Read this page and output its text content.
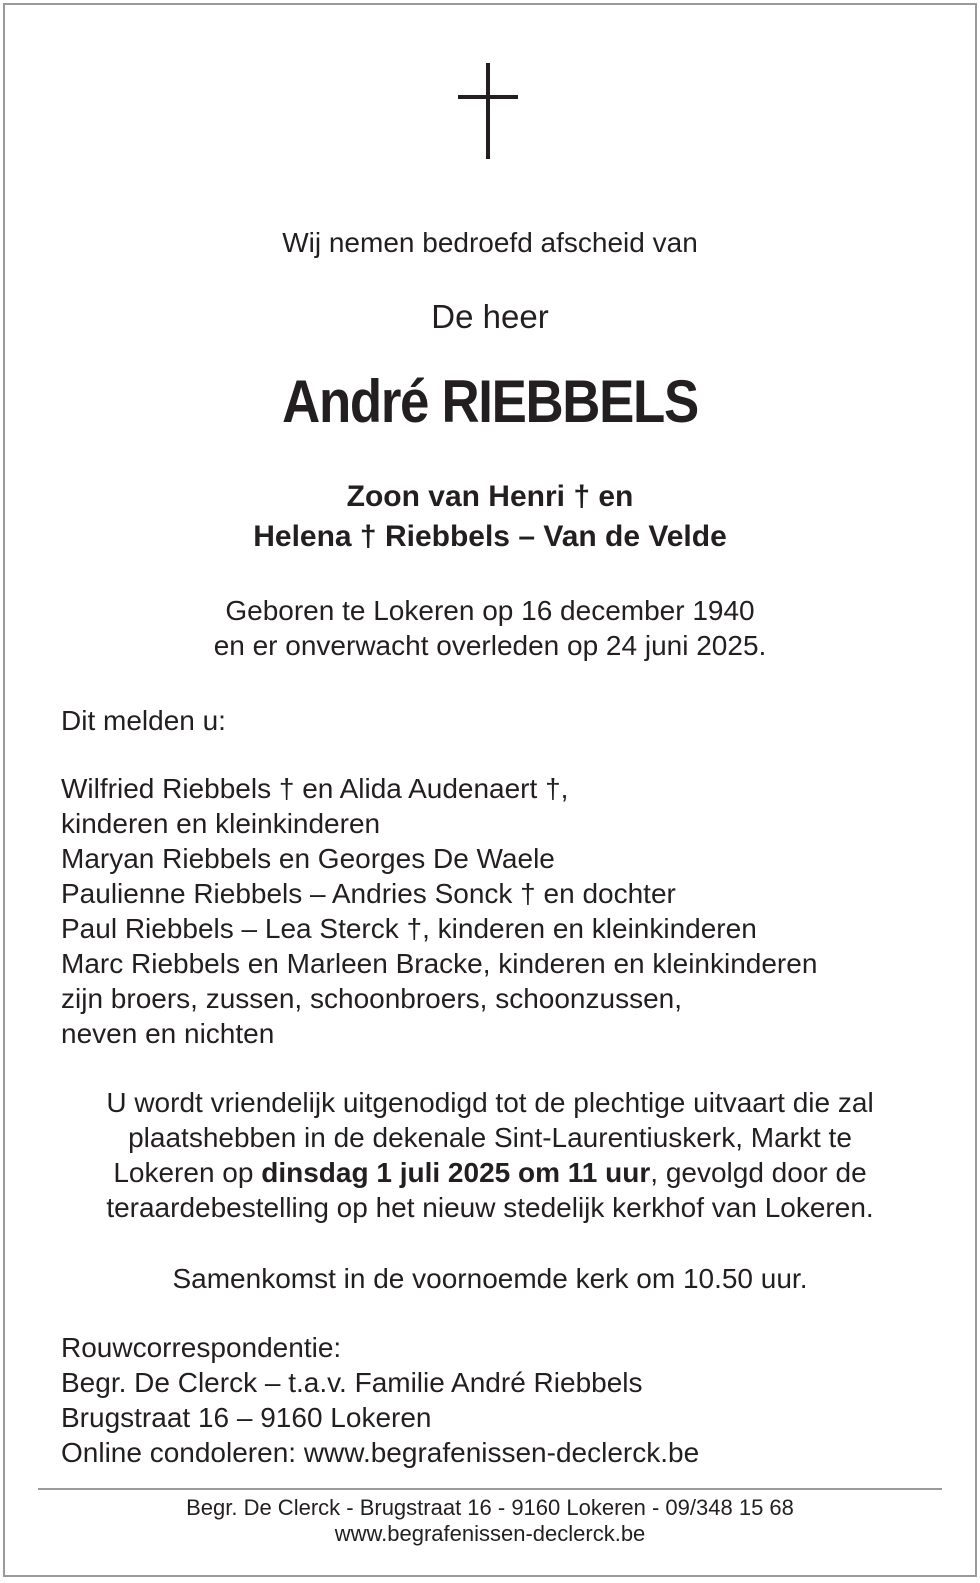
Wij nemen bedroefd afscheid van
De heer
André RIEBBELS
Zoon van Henri † en
Helena † Riebbels – Van de Velde
Geboren te Lokeren op 16 december 1940
en er onverwacht overleden op 24 juni 2025.
Dit melden u:
Wilfried Riebbels † en Alida Audenaert †,
kinderen en kleinkinderen
Maryan Riebbels en Georges De Waele
Paulienne Riebbels – Andries Sonck † en dochter
Paul Riebbels – Lea Sterck †, kinderen en kleinkinderen
Marc Riebbels en Marleen Bracke, kinderen en kleinkinderen
zijn broers, zussen, schoonbroers, schoonzussen,
neven en nichten
U wordt vriendelijk uitgenodigd tot de plechtige uitvaart die zal
plaatshebben in de dekenale Sint-Laurentiuskerk, Markt te
Lokeren op dinsdag 1 juli 2025 om 11 uur, gevolgd door de
teraardebestelling op het nieuw stedelijk kerkhof van Lokeren.
Samenkomst in de voornoemde kerk om 10.50 uur.
Rouwcorrespondentie:
Begr. De Clerck – t.a.v. Familie André Riebbels
Brugstraat 16 – 9160 Lokeren
Online condoleren: www.begrafenissen-declerck.be
Begr. De Clerck - Brugstraat 16 - 9160 Lokeren - 09/348 15 68
www.begrafenissen-declerck.be
